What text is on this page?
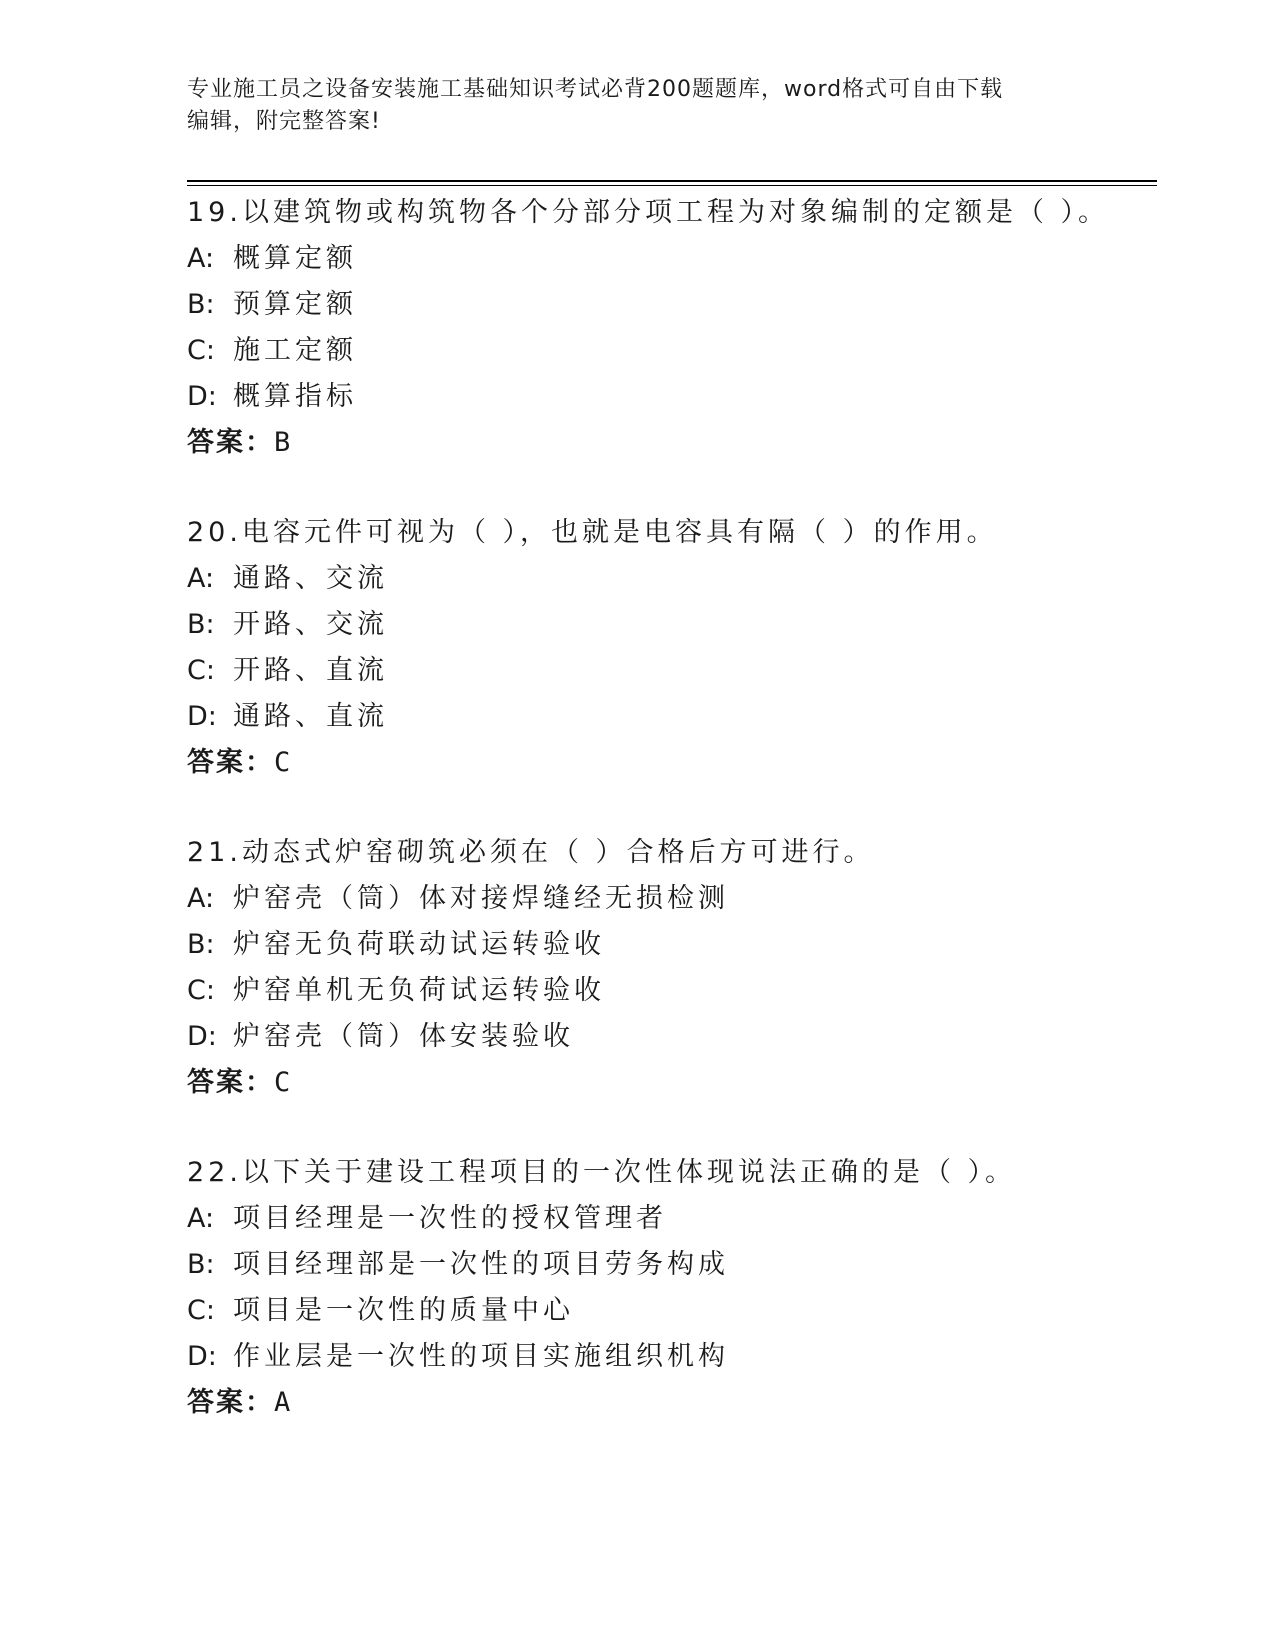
专业施工员之设备安装施工基础知识考试必背200题题库，word格式可自由下载
编辑，附完整答案!
19.以建筑物或构筑物各个分部分项工程为对象编制的定额是（ ）。
A: 概算定额
B: 预算定额
C: 施工定额
D: 概算指标
答案：B
20.电容元件可视为（ ），也就是电容具有隔（ ）的作用。
A: 通路、交流
B: 开路、交流
C: 开路、直流
D: 通路、直流
答案：C
21.动态式炉窑砌筑必须在（ ）合格后方可进行。
A: 炉窑壳（筒）体对接焊缝经无损检测
B: 炉窑无负荷联动试运转验收
C: 炉窑单机无负荷试运转验收
D: 炉窑壳（筒）体安装验收
答案：C
22.以下关于建设工程项目的一次性体现说法正确的是（ ）。
A: 项目经理是一次性的授权管理者
B: 项目经理部是一次性的项目劳务构成
C: 项目是一次性的质量中心
D: 作业层是一次性的项目实施组织机构
答案：A
